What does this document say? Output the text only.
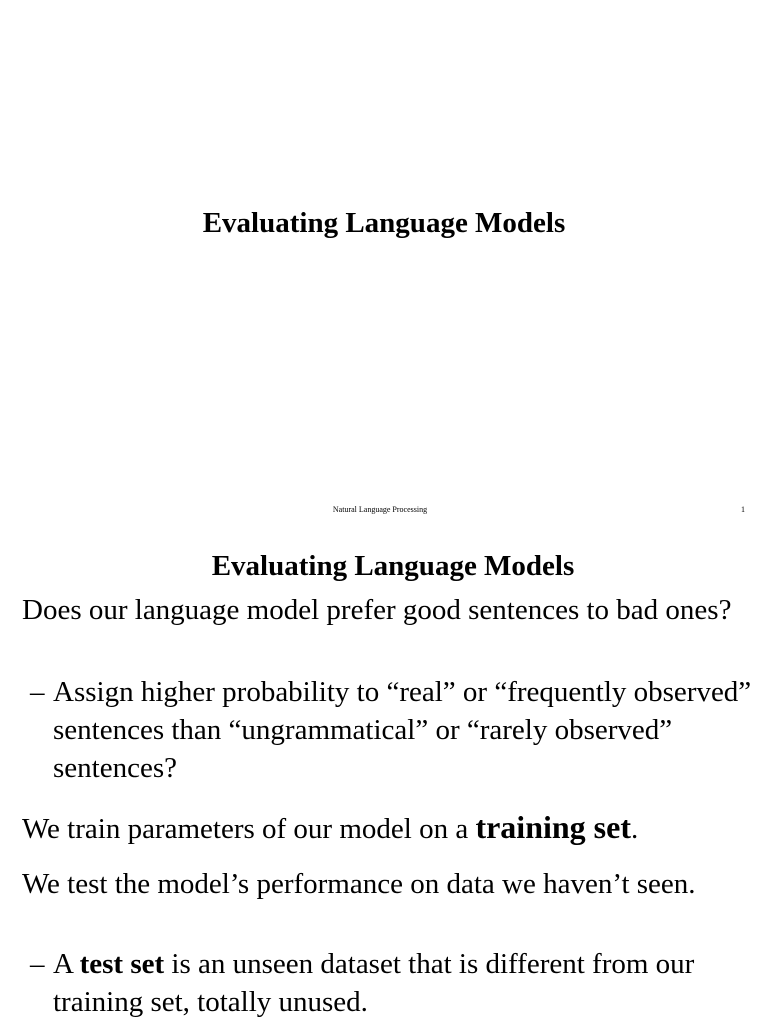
Evaluating Language Models
Natural Language Processing	1
Evaluating Language Models
Does our language model prefer good sentences to bad ones?
– Assign higher probability to “real” or “frequently observed” sentences than “ungrammatical” or “rarely observed” sentences?
We train parameters of our model on a training set.
We test the model’s performance on data we haven’t seen.
– A test set is an unseen dataset that is different from our training set, totally unused.
